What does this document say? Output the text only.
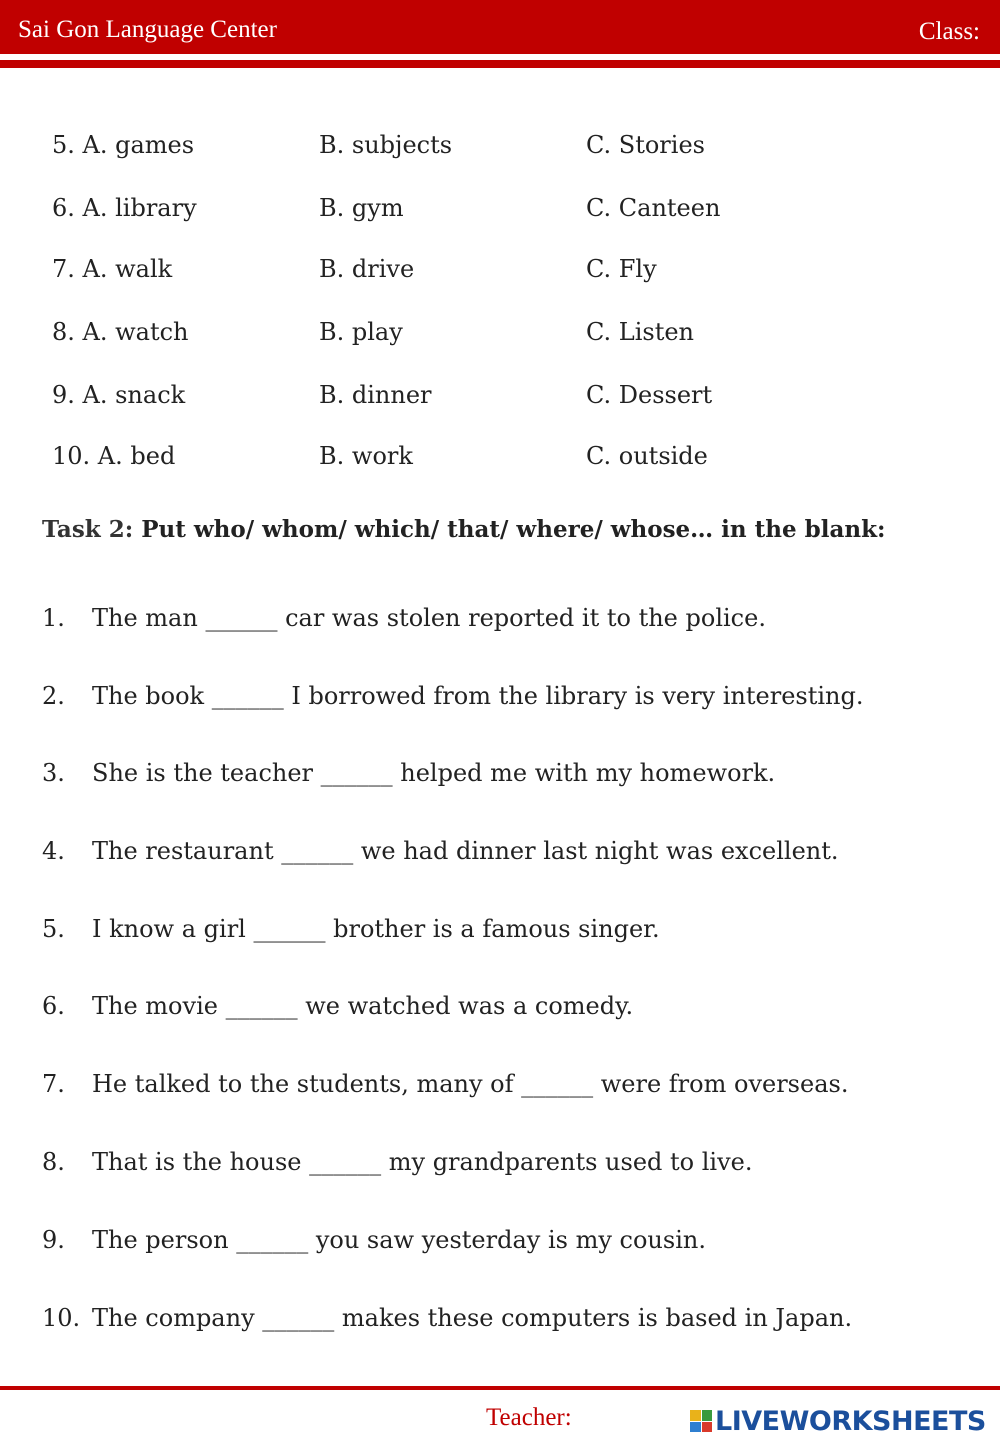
Sai Gon Language Center	Class:
5. A. games	B. subjects	C. Stories
6. A. library	B. gym	C. Canteen
7. A. walk	B. drive	C. Fly
8. A. watch	B. play	C. Listen
9. A. snack	B. dinner	C. Dessert
10. A. bed	B. work	C. outside
Task 2: Put who/ whom/ which/ that/ where/ whose… in the blank:
1. The man ______ car was stolen reported it to the police.
2. The book ______ I borrowed from the library is very interesting.
3. She is the teacher ______ helped me with my homework.
4. The restaurant ______ we had dinner last night was excellent.
5. I know a girl ______ brother is a famous singer.
6. The movie ______ we watched was a comedy.
7. He talked to the students, many of ______ were from overseas.
8. That is the house ______ my grandparents used to live.
9. The person ______ you saw yesterday is my cousin.
10. The company ______ makes these computers is based in Japan.
Teacher:	LIVEWORKSHEETS
